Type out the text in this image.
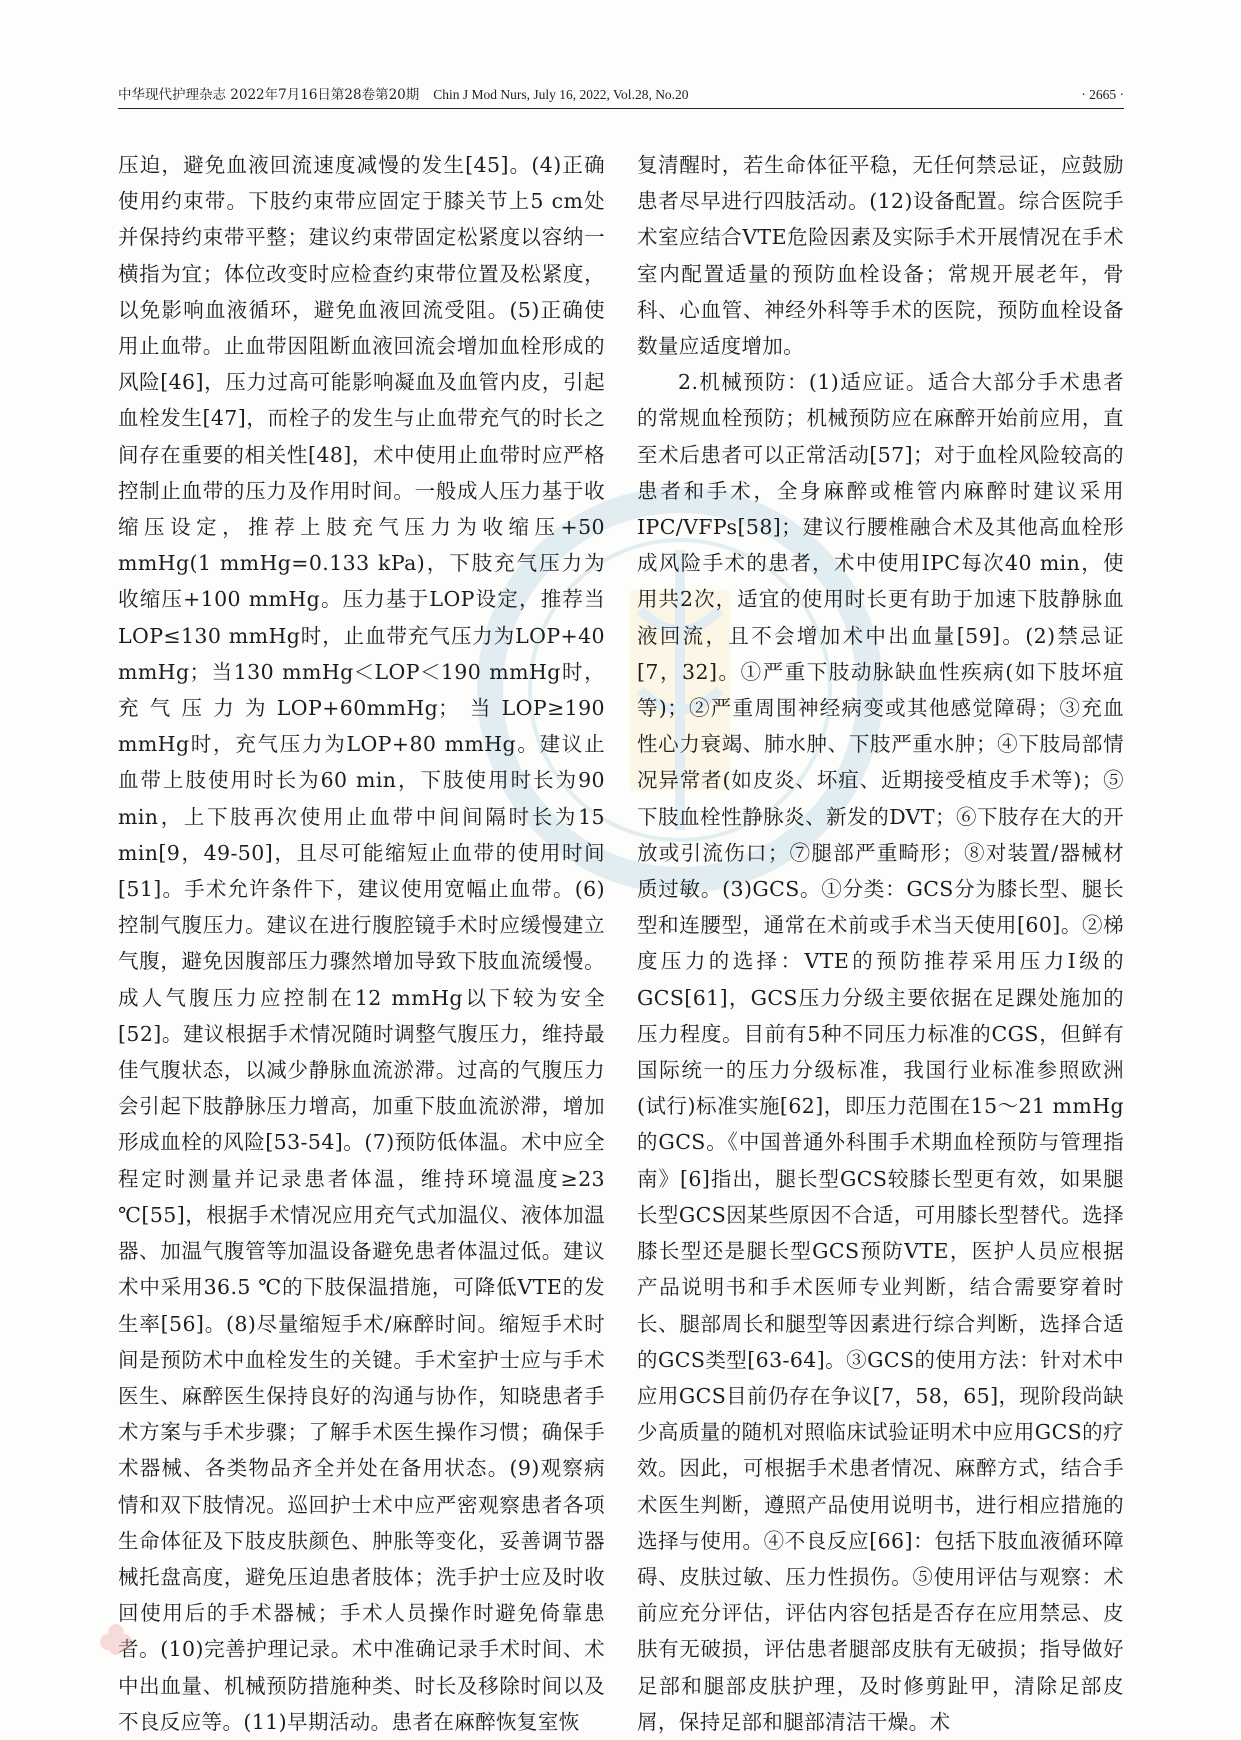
中华现代护理杂志 2022年7月16日第28卷第20期 Chin J Mod Nurs, July 16, 2022, Vol.28, No.20	· 2665 ·

压迫，避免血液回流速度减慢的发生[45]。(4)正确使用约束带。下肢约束带应固定于膝关节上5 cm处并保持约束带平整；建议约束带固定松紧度以容纳一横指为宜；体位改变时应检查约束带位置及松紧度，以免影响血液循环，避免血液回流受阻。(5)正确使用止血带。止血带因阻断血液回流会增加血栓形成的风险[46]，压力过高可能影响凝血及血管内皮，引起血栓发生[47]，而栓子的发生与止血带充气的时长之间存在重要的相关性[48]，术中使用止血带时应严格控制止血带的压力及作用时间。一般成人压力基于收缩压设定，推荐上肢充气压力为收缩压+50 mmHg(1 mmHg=0.133 kPa)，下肢充气压力为收缩压+100 mmHg。压力基于LOP设定，推荐当LOP≤130 mmHg时，止血带充气压力为LOP+40 mmHg；当130 mmHg＜LOP＜190 mmHg时，充气压力为LOP+60mmHg；当LOP≥190 mmHg时，充气压力为LOP+80 mmHg。建议止血带上肢使用时长为60 min，下肢使用时长为90 min，上下肢再次使用止血带中间间隔时长为15 min[9，49-50]，且尽可能缩短止血带的使用时间[51]。手术允许条件下，建议使用宽幅止血带。(6)控制气腹压力。建议在进行腹腔镜手术时应缓慢建立气腹，避免因腹部压力骤然增加导致下肢血流缓慢。成人气腹压力应控制在12 mmHg以下较为安全[52]。建议根据手术情况随时调整气腹压力，维持最佳气腹状态，以减少静脉血流淤滞。过高的气腹压力会引起下肢静脉压力增高，加重下肢血流淤滞，增加形成血栓的风险[53-54]。(7)预防低体温。术中应全程定时测量并记录患者体温，维持环境温度≥23 ℃[55]，根据手术情况应用充气式加温仪、液体加温器、加温气腹管等加温设备避免患者体温过低。建议术中采用36.5 ℃的下肢保温措施，可降低VTE的发生率[56]。(8)尽量缩短手术/麻醉时间。缩短手术时间是预防术中血栓发生的关键。手术室护士应与手术医生、麻醉医生保持良好的沟通与协作，知晓患者手术方案与手术步骤；了解手术医生操作习惯；确保手术器械、各类物品齐全并处在备用状态。(9)观察病情和双下肢情况。巡回护士术中应严密观察患者各项生命体征及下肢皮肤颜色、肿胀等变化，妥善调节器械托盘高度，避免压迫患者肢体；洗手护士应及时收回使用后的手术器械；手术人员操作时避免倚靠患者。(10)完善护理记录。术中准确记录手术时间、术中出血量、机械预防措施种类、时长及移除时间以及不良反应等。(11)早期活动。患者在麻醉恢复室恢

复清醒时，若生命体征平稳，无任何禁忌证，应鼓励患者尽早进行四肢活动。(12)设备配置。综合医院手术室应结合VTE危险因素及实际手术开展情况在手术室内配置适量的预防血栓设备；常规开展老年，骨科、心血管、神经外科等手术的医院，预防血栓设备数量应适度增加。

2.机械预防：(1)适应证。适合大部分手术患者的常规血栓预防；机械预防应在麻醉开始前应用，直至术后患者可以正常活动[57]；对于血栓风险较高的患者和手术，全身麻醉或椎管内麻醉时建议采用IPC/VFPs[58]；建议行腰椎融合术及其他高血栓形成风险手术的患者，术中使用IPC每次40 min，使用共2次，适宜的使用时长更有助于加速下肢静脉血液回流，且不会增加术中出血量[59]。(2)禁忌证[7，32]。①严重下肢动脉缺血性疾病(如下肢坏疽等)；②严重周围神经病变或其他感觉障碍；③充血性心力衰竭、肺水肿、下肢严重水肿；④下肢局部情况异常者(如皮炎、坏疽、近期接受植皮手术等)；⑤下肢血栓性静脉炎、新发的DVT；⑥下肢存在大的开放或引流伤口；⑦腿部严重畸形；⑧对装置/器械材质过敏。(3)GCS。①分类：GCS分为膝长型、腿长型和连腰型，通常在术前或手术当天使用[60]。②梯度压力的选择：VTE的预防推荐采用压力Ⅰ级的GCS[61]，GCS压力分级主要依据在足踝处施加的压力程度。目前有5种不同压力标准的CGS，但鲜有国际统一的压力分级标准，我国行业标准参照欧洲(试行)标准实施[62]，即压力范围在15～21 mmHg的GCS。《中国普通外科围手术期血栓预防与管理指南》[6]指出，腿长型GCS较膝长型更有效，如果腿长型GCS因某些原因不合适，可用膝长型替代。选择膝长型还是腿长型GCS预防VTE，医护人员应根据产品说明书和手术医师专业判断，结合需要穿着时长、腿部周长和腿型等因素进行综合判断，选择合适的GCS类型[63-64]。③GCS的使用方法：针对术中应用GCS目前仍存在争议[7，58，65]，现阶段尚缺少高质量的随机对照临床试验证明术中应用GCS的疗效。因此，可根据手术患者情况、麻醉方式，结合手术医生判断，遵照产品使用说明书，进行相应措施的选择与使用。④不良反应[66]：包括下肢血液循环障碍、皮肤过敏、压力性损伤。⑤使用评估与观察：术前应充分评估，评估内容包括是否存在应用禁忌、皮肤有无破损，评估患者腿部皮肤有无破损；指导做好足部和腿部皮肤护理，及时修剪趾甲，清除足部皮屑，保持足部和腿部清洁干燥。术
